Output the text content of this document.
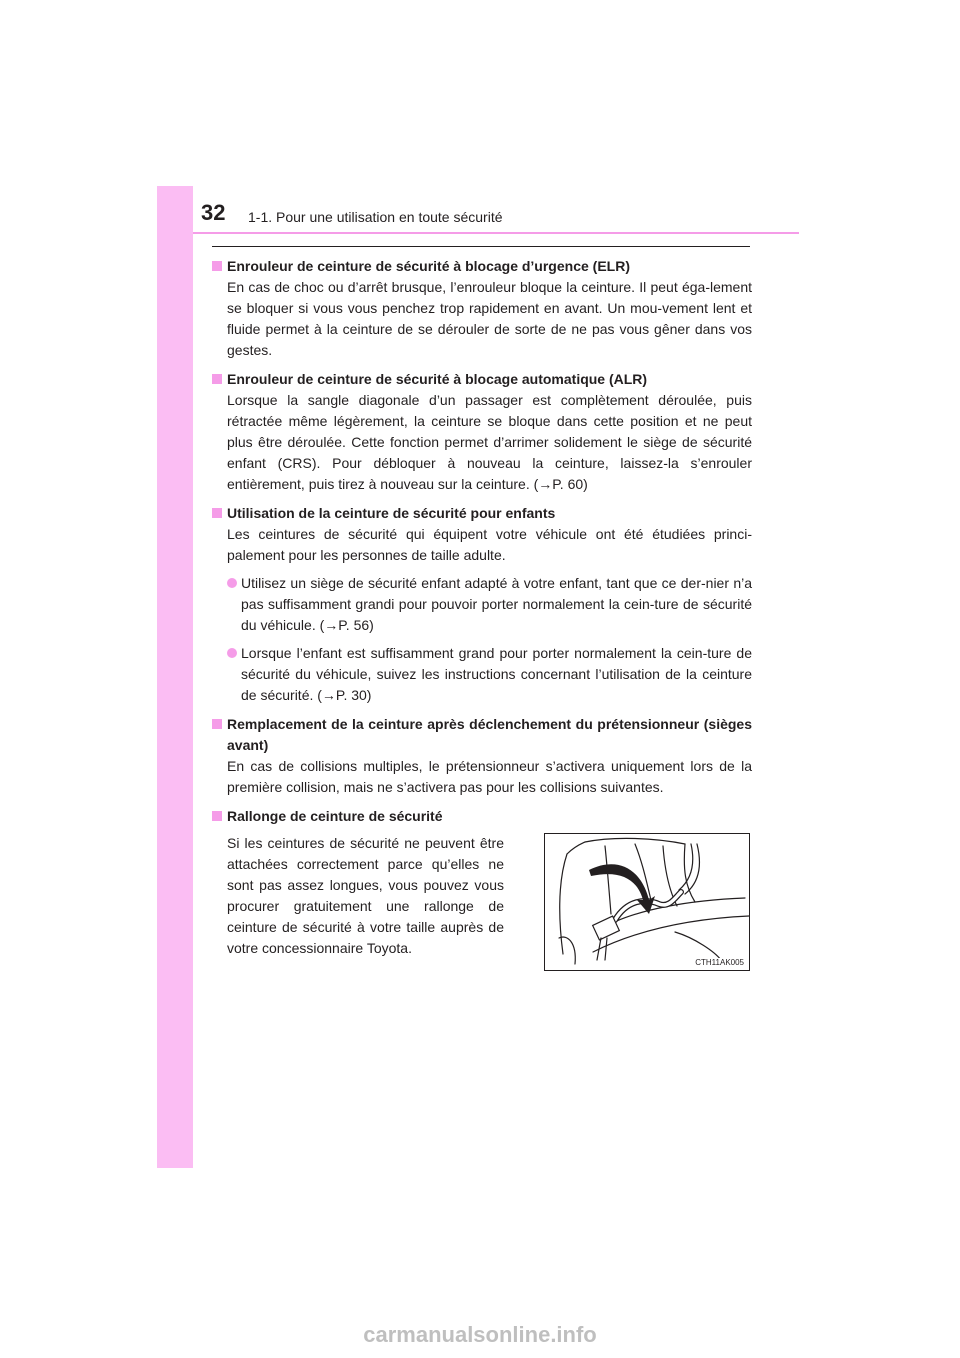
32 1-1. Pour une utilisation en toute sécurité
Enrouleur de ceinture de sécurité à blocage d’urgence (ELR)
En cas de choc ou d’arrêt brusque, l’enrouleur bloque la ceinture. Il peut éga-lement se bloquer si vous vous penchez trop rapidement en avant. Un mou-vement lent et fluide permet à la ceinture de se dérouler de sorte de ne pas vous gêner dans vos gestes.
Enrouleur de ceinture de sécurité à blocage automatique (ALR)
Lorsque la sangle diagonale d’un passager est complètement déroulée, puis rétractée même légèrement, la ceinture se bloque dans cette position et ne peut plus être déroulée. Cette fonction permet d’arrimer solidement le siège de sécurité enfant (CRS). Pour débloquer à nouveau la ceinture, laissez-la s’enrouler entièrement, puis tirez à nouveau sur la ceinture. (→P. 60)
Utilisation de la ceinture de sécurité pour enfants
Les ceintures de sécurité qui équipent votre véhicule ont été étudiées princi-palement pour les personnes de taille adulte.
Utilisez un siège de sécurité enfant adapté à votre enfant, tant que ce der-nier n’a pas suffisamment grandi pour pouvoir porter normalement la cein-ture de sécurité du véhicule. (→P. 56)
Lorsque l’enfant est suffisamment grand pour porter normalement la cein-ture de sécurité du véhicule, suivez les instructions concernant l’utilisation de la ceinture de sécurité. (→P. 30)
Remplacement de la ceinture après déclenchement du prétensionneur (sièges avant)
En cas de collisions multiples, le prétensionneur s’activera uniquement lors de la première collision, mais ne s’activera pas pour les collisions suivantes.
Rallonge de ceinture de sécurité
Si les ceintures de sécurité ne peuvent être attachées correctement parce qu’elles ne sont pas assez longues, vous pouvez vous procurer gratuitement une rallonge de ceinture de sécurité à votre taille auprès de votre concessionnaire Toyota.
CTH11AK005
carmanualsonline.info
